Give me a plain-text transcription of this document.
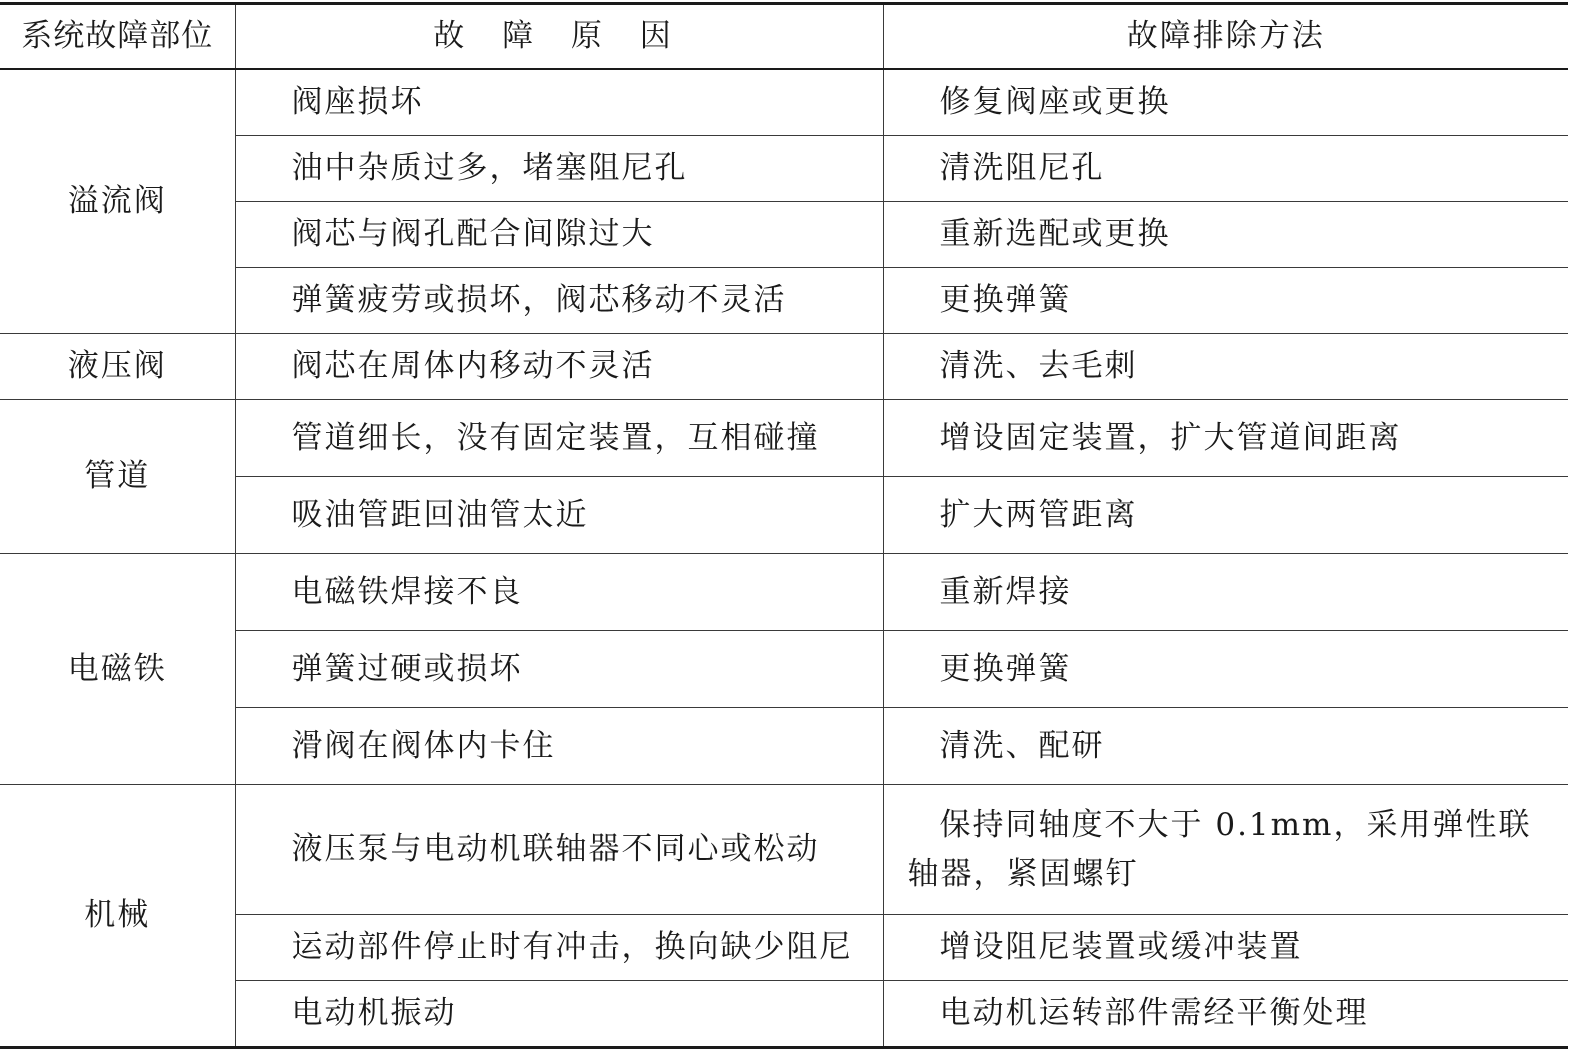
系统故障部位	故 障 原 因	故障排除方法
溢流阀	阀座损坏	修复阀座或更换
	油中杂质过多，堵塞阻尼孔	清洗阻尼孔
	阀芯与阀孔配合间隙过大	重新选配或更换
	弹簧疲劳或损坏，阀芯移动不灵活	更换弹簧
液压阀	阀芯在周体内移动不灵活	清洗、去毛刺
管道	管道细长，没有固定装置，互相碰撞	增设固定装置，扩大管道间距离
	吸油管距回油管太近	扩大两管距离
电磁铁	电磁铁焊接不良	重新焊接
	弹簧过硬或损坏	更换弹簧
	滑阀在阀体内卡住	清洗、配研
机械	液压泵与电动机联轴器不同心或松动	保持同轴度不大于 0.1mm，采用弹性联轴器，紧固螺钉
	运动部件停止时有冲击，换向缺少阻尼	增设阻尼装置或缓冲装置
	电动机振动	电动机运转部件需经平衡处理
